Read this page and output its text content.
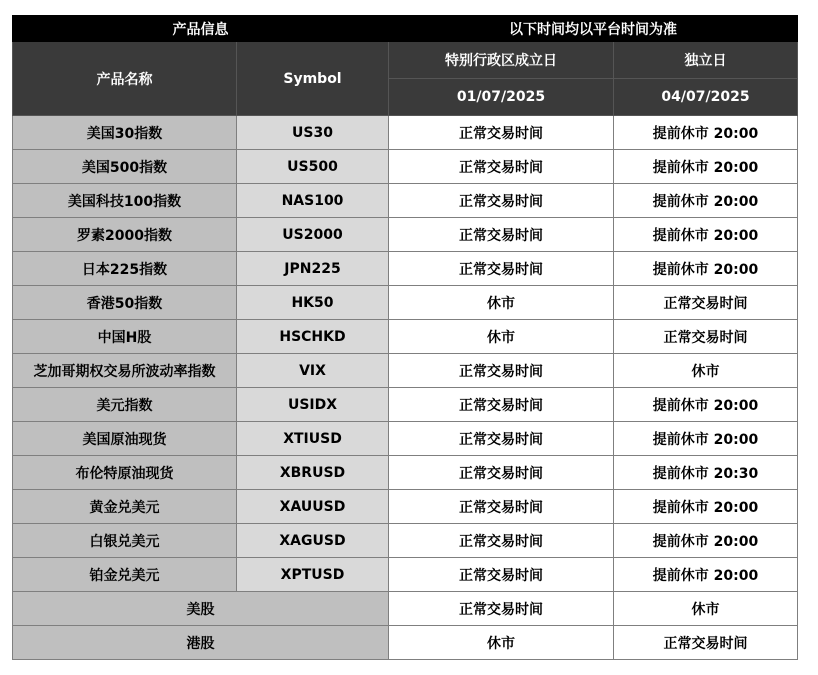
产品信息		以下时间均以平台时间为准	
产品名称	Symbol	特别行政区成立日	独立日
		01/07/2025	04/07/2025
美国30指数	US30	正常交易时间	提前休市 20:00
美国500指数	US500	正常交易时间	提前休市 20:00
美国科技100指数	NAS100	正常交易时间	提前休市 20:00
罗素2000指数	US2000	正常交易时间	提前休市 20:00
日本225指数	JPN225	正常交易时间	提前休市 20:00
香港50指数	HK50	休市	正常交易时间
中国H股	HSCHKD	休市	正常交易时间
芝加哥期权交易所波动率指数	VIX	正常交易时间	休市
美元指数	USIDX	正常交易时间	提前休市 20:00
美国原油现货	XTIUSD	正常交易时间	提前休市 20:00
布伦特原油现货	XBRUSD	正常交易时间	提前休市 20:30
黄金兑美元	XAUUSD	正常交易时间	提前休市 20:00
白银兑美元	XAGUSD	正常交易时间	提前休市 20:00
铂金兑美元	XPTUSD	正常交易时间	提前休市 20:00
美股		正常交易时间	休市
港股		休市	正常交易时间
